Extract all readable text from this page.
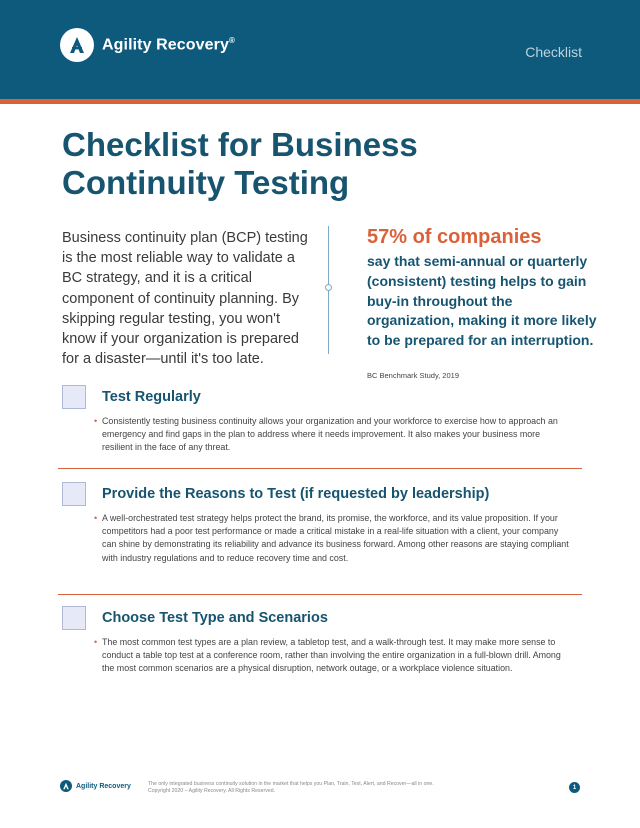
Agility Recovery®
Checklist
Checklist for Business Continuity Testing

Business continuity plan (BCP) testing is the most reliable way to validate a BC strategy, and it is a critical component of continuity planning. By skipping regular testing, you won't know if your organization is prepared for a disaster—until it's too late.

57% of companies

say that semi-annual or quarterly (consistent) testing helps to gain buy-in throughout the organization, making it more likely to be prepared for an interruption.

BC Benchmark Study, 2019

Test Regularly

• Consistently testing business continuity allows your organization and your workforce to exercise how to approach an emergency and find gaps in the plan to address where it needs improvement. It also makes your business more resilient in the face of any threat.

Provide the Reasons to Test (if requested by leadership)

• A well-orchestrated test strategy helps protect the brand, its promise, the workforce, and its value proposition. If your competitors had a poor test performance or made a critical mistake in a real-life situation with a client, your company can shine by demonstrating its reliability and advance its business forward. Among other reasons are staying compliant with industry regulations and to reduce recovery time and cost.

Choose Test Type and Scenarios

• The most common test types are a plan review, a tabletop test, and a walk-through test. It may make more sense to conduct a table top test at a conference room, rather than involving the entire organization in a full-blown drill. Among the most common scenarios are a physical disruption, network outage, or a workplace violence situation.

Agility Recovery	The only integrated business continuity solution in the market that helps you Plan, Train, Test, Alert, and Recover—all in one.
Copyright 2020 – Agility Recovery. All Rights Reserved.

1
